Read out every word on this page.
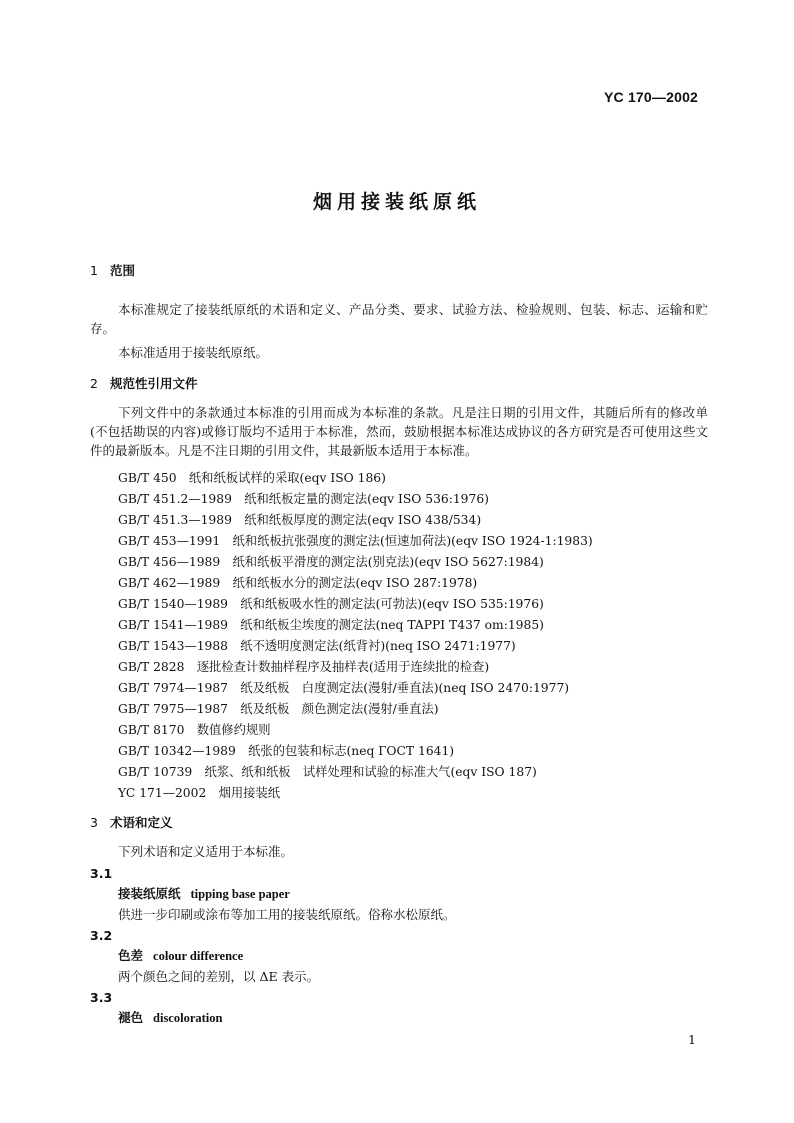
YC 170—2002
烟用接装纸原纸
1 范围
本标准规定了接装纸原纸的术语和定义、产品分类、要求、试验方法、检验规则、包装、标志、运输和贮存。
本标准适用于接装纸原纸。
2 规范性引用文件
下列文件中的条款通过本标准的引用而成为本标准的条款。凡是注日期的引用文件，其随后所有的修改单(不包括勘误的内容)或修订版均不适用于本标准，然而，鼓励根据本标准达成协议的各方研究是否可使用这些文件的最新版本。凡是不注日期的引用文件，其最新版本适用于本标准。
GB/T 450　纸和纸板试样的采取(eqv ISO 186)
GB/T 451.2—1989　纸和纸板定量的测定法(eqv ISO 536:1976)
GB/T 451.3—1989　纸和纸板厚度的测定法(eqv ISO 438/534)
GB/T 453—1991　纸和纸板抗张强度的测定法(恒速加荷法)(eqv ISO 1924-1:1983)
GB/T 456—1989　纸和纸板平滑度的测定法(别克法)(eqv ISO 5627:1984)
GB/T 462—1989　纸和纸板水分的测定法(eqv ISO 287:1978)
GB/T 1540—1989　纸和纸板吸水性的测定法(可勃法)(eqv ISO 535:1976)
GB/T 1541—1989　纸和纸板尘埃度的测定法(neq TAPPI T437 om:1985)
GB/T 1543—1988　纸不透明度测定法(纸背衬)(neq ISO 2471:1977)
GB/T 2828　逐批检查计数抽样程序及抽样表(适用于连续批的检查)
GB/T 7974—1987　纸及纸板　白度测定法(漫射/垂直法)(neq ISO 2470:1977)
GB/T 7975—1987　纸及纸板　颜色测定法(漫射/垂直法)
GB/T 8170　数值修约规则
GB/T 10342—1989　纸张的包装和标志(neq ГОСТ 1641)
GB/T 10739　纸浆、纸和纸板　试样处理和试验的标准大气(eqv ISO 187)
YC 171—2002　烟用接装纸
3 术语和定义
下列术语和定义适用于本标准。
3.1
接装纸原纸 tipping base paper
供进一步印刷或涂布等加工用的接装纸原纸。俗称水松原纸。
3.2
色差 colour difference
两个颜色之间的差别，以 ΔE 表示。
3.3
褪色 discoloration
1
